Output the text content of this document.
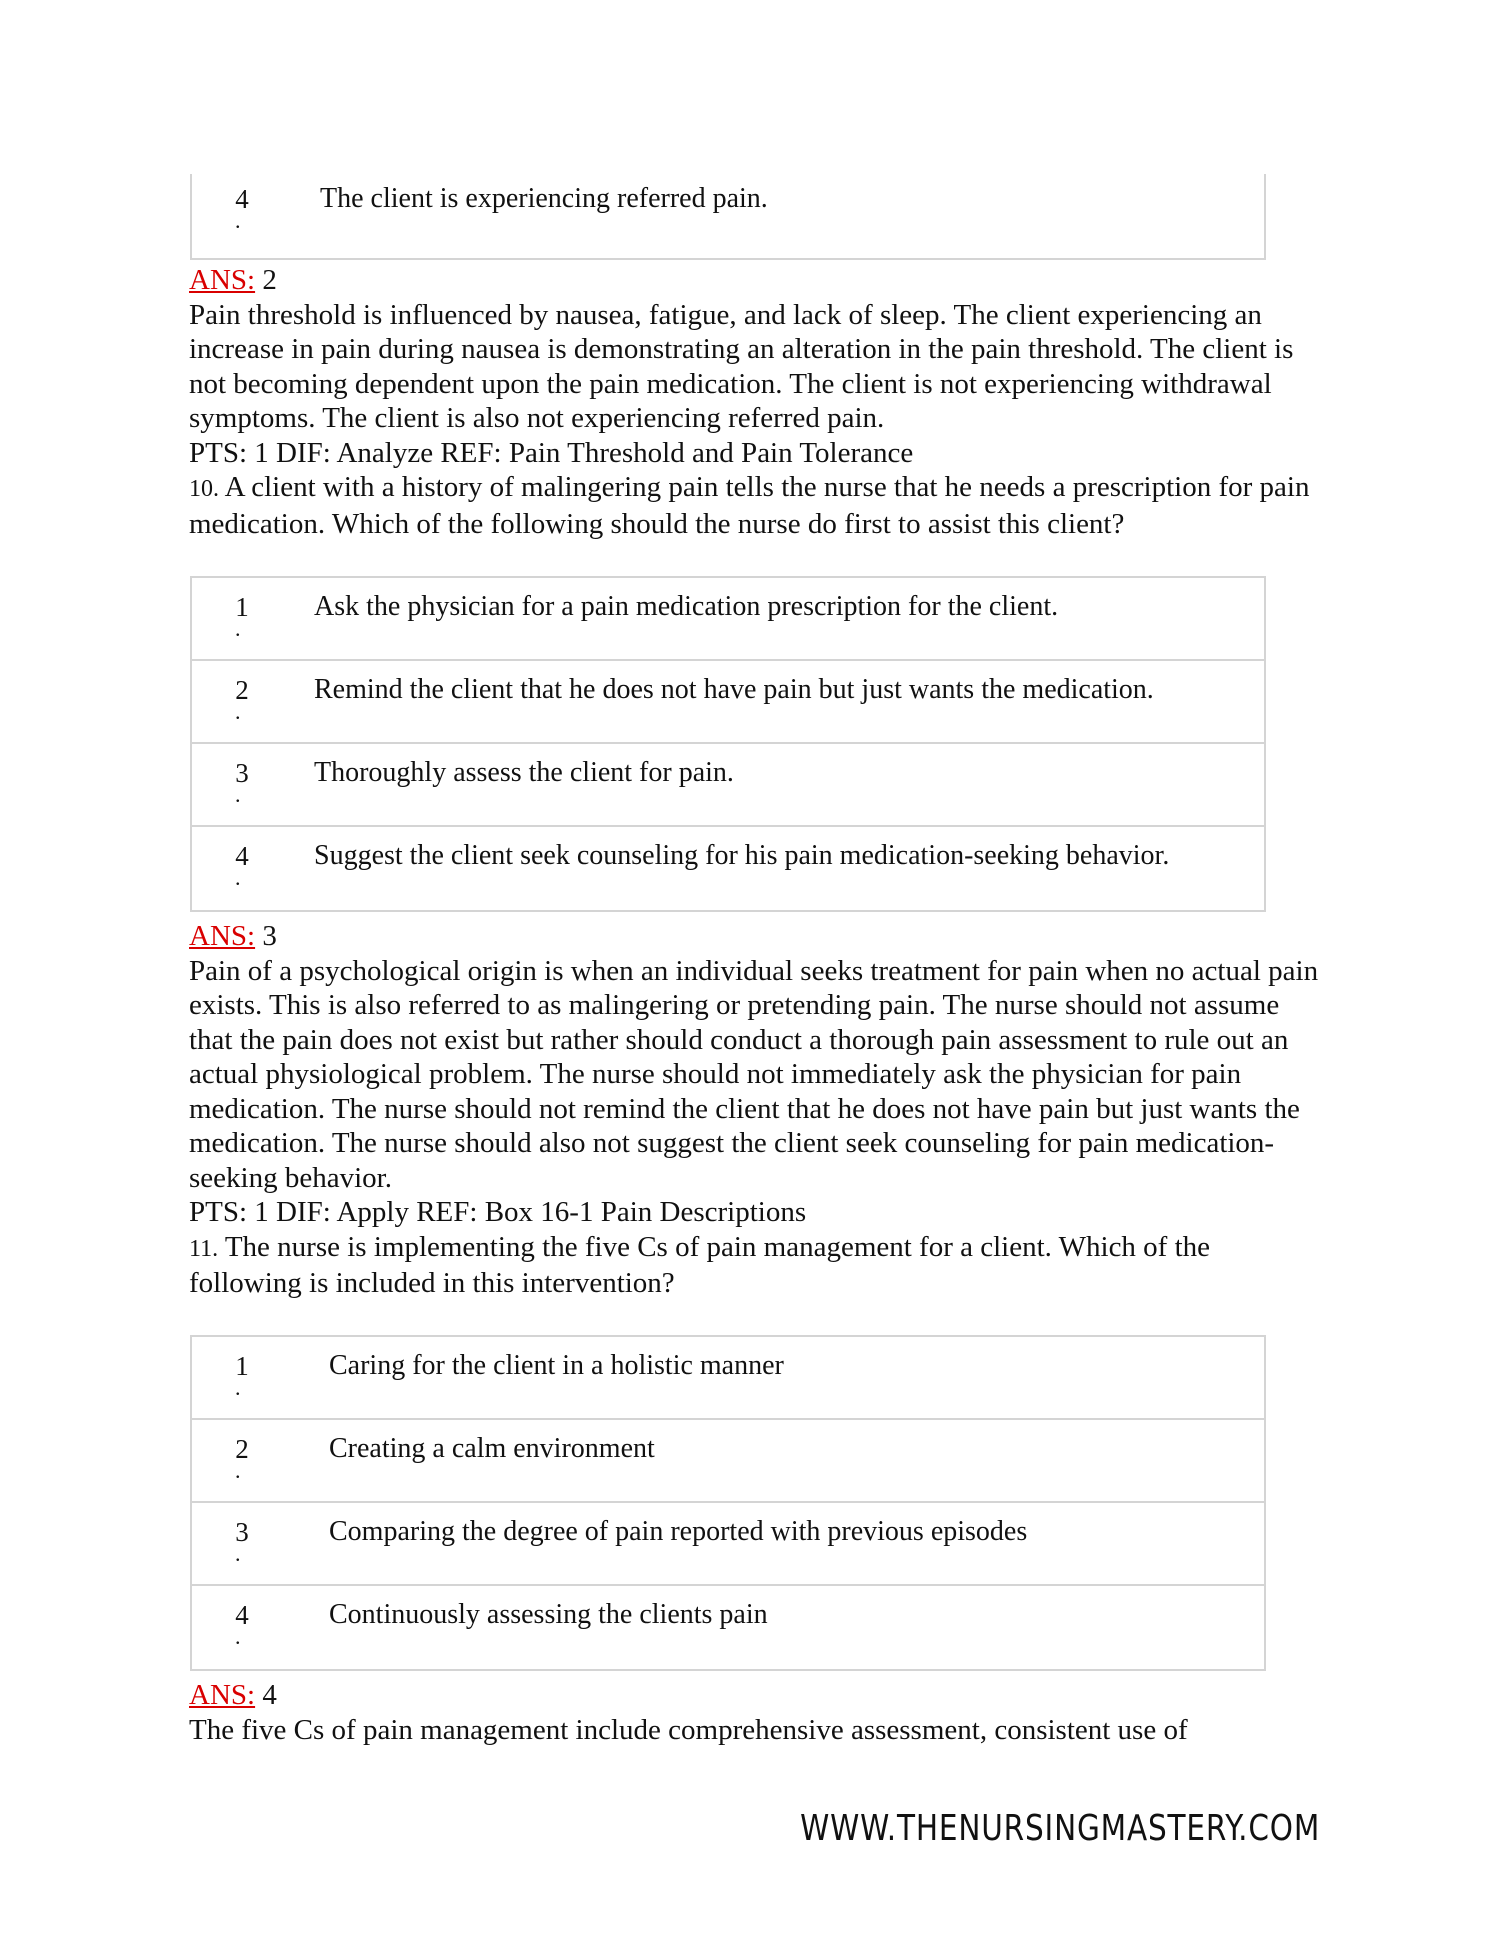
4
.
The client is experiencing referred pain.

ANS: 2

Pain threshold is influenced by nausea, fatigue, and lack of sleep. The client experiencing an

increase in pain during nausea is demonstrating an alteration in the pain threshold. The client is

not becoming dependent upon the pain medication. The client is not experiencing withdrawal

symptoms. The client is also not experiencing referred pain.

PTS: 1 DIF: Analyze REF: Pain Threshold and Pain Tolerance

10. A client with a history of malingering pain tells the nurse that he needs a prescription for pain

medication. Which of the following should the nurse do first to assist this client?

1
.
Ask the physician for a pain medication prescription for the client.
2
.
Remind the client that he does not have pain but just wants the medication.
3
.
Thoroughly assess the client for pain.
4
.
Suggest the client seek counseling for his pain medication-seeking behavior.

ANS: 3

Pain of a psychological origin is when an individual seeks treatment for pain when no actual pain

exists. This is also referred to as malingering or pretending pain. The nurse should not assume

that the pain does not exist but rather should conduct a thorough pain assessment to rule out an

actual physiological problem. The nurse should not immediately ask the physician for pain

medication. The nurse should not remind the client that he does not have pain but just wants the

medication. The nurse should also not suggest the client seek counseling for pain medication-

seeking behavior.

PTS: 1 DIF: Apply REF: Box 16-1 Pain Descriptions

11. The nurse is implementing the five Cs of pain management for a client. Which of the

following is included in this intervention?

1
.
Caring for the client in a holistic manner
2
.
Creating a calm environment
3
.
Comparing the degree of pain reported with previous episodes
4
.
Continuously assessing the clients pain

ANS: 4

The five Cs of pain management include comprehensive assessment, consistent use of

WWW.THENURSINGMASTERY.COM
